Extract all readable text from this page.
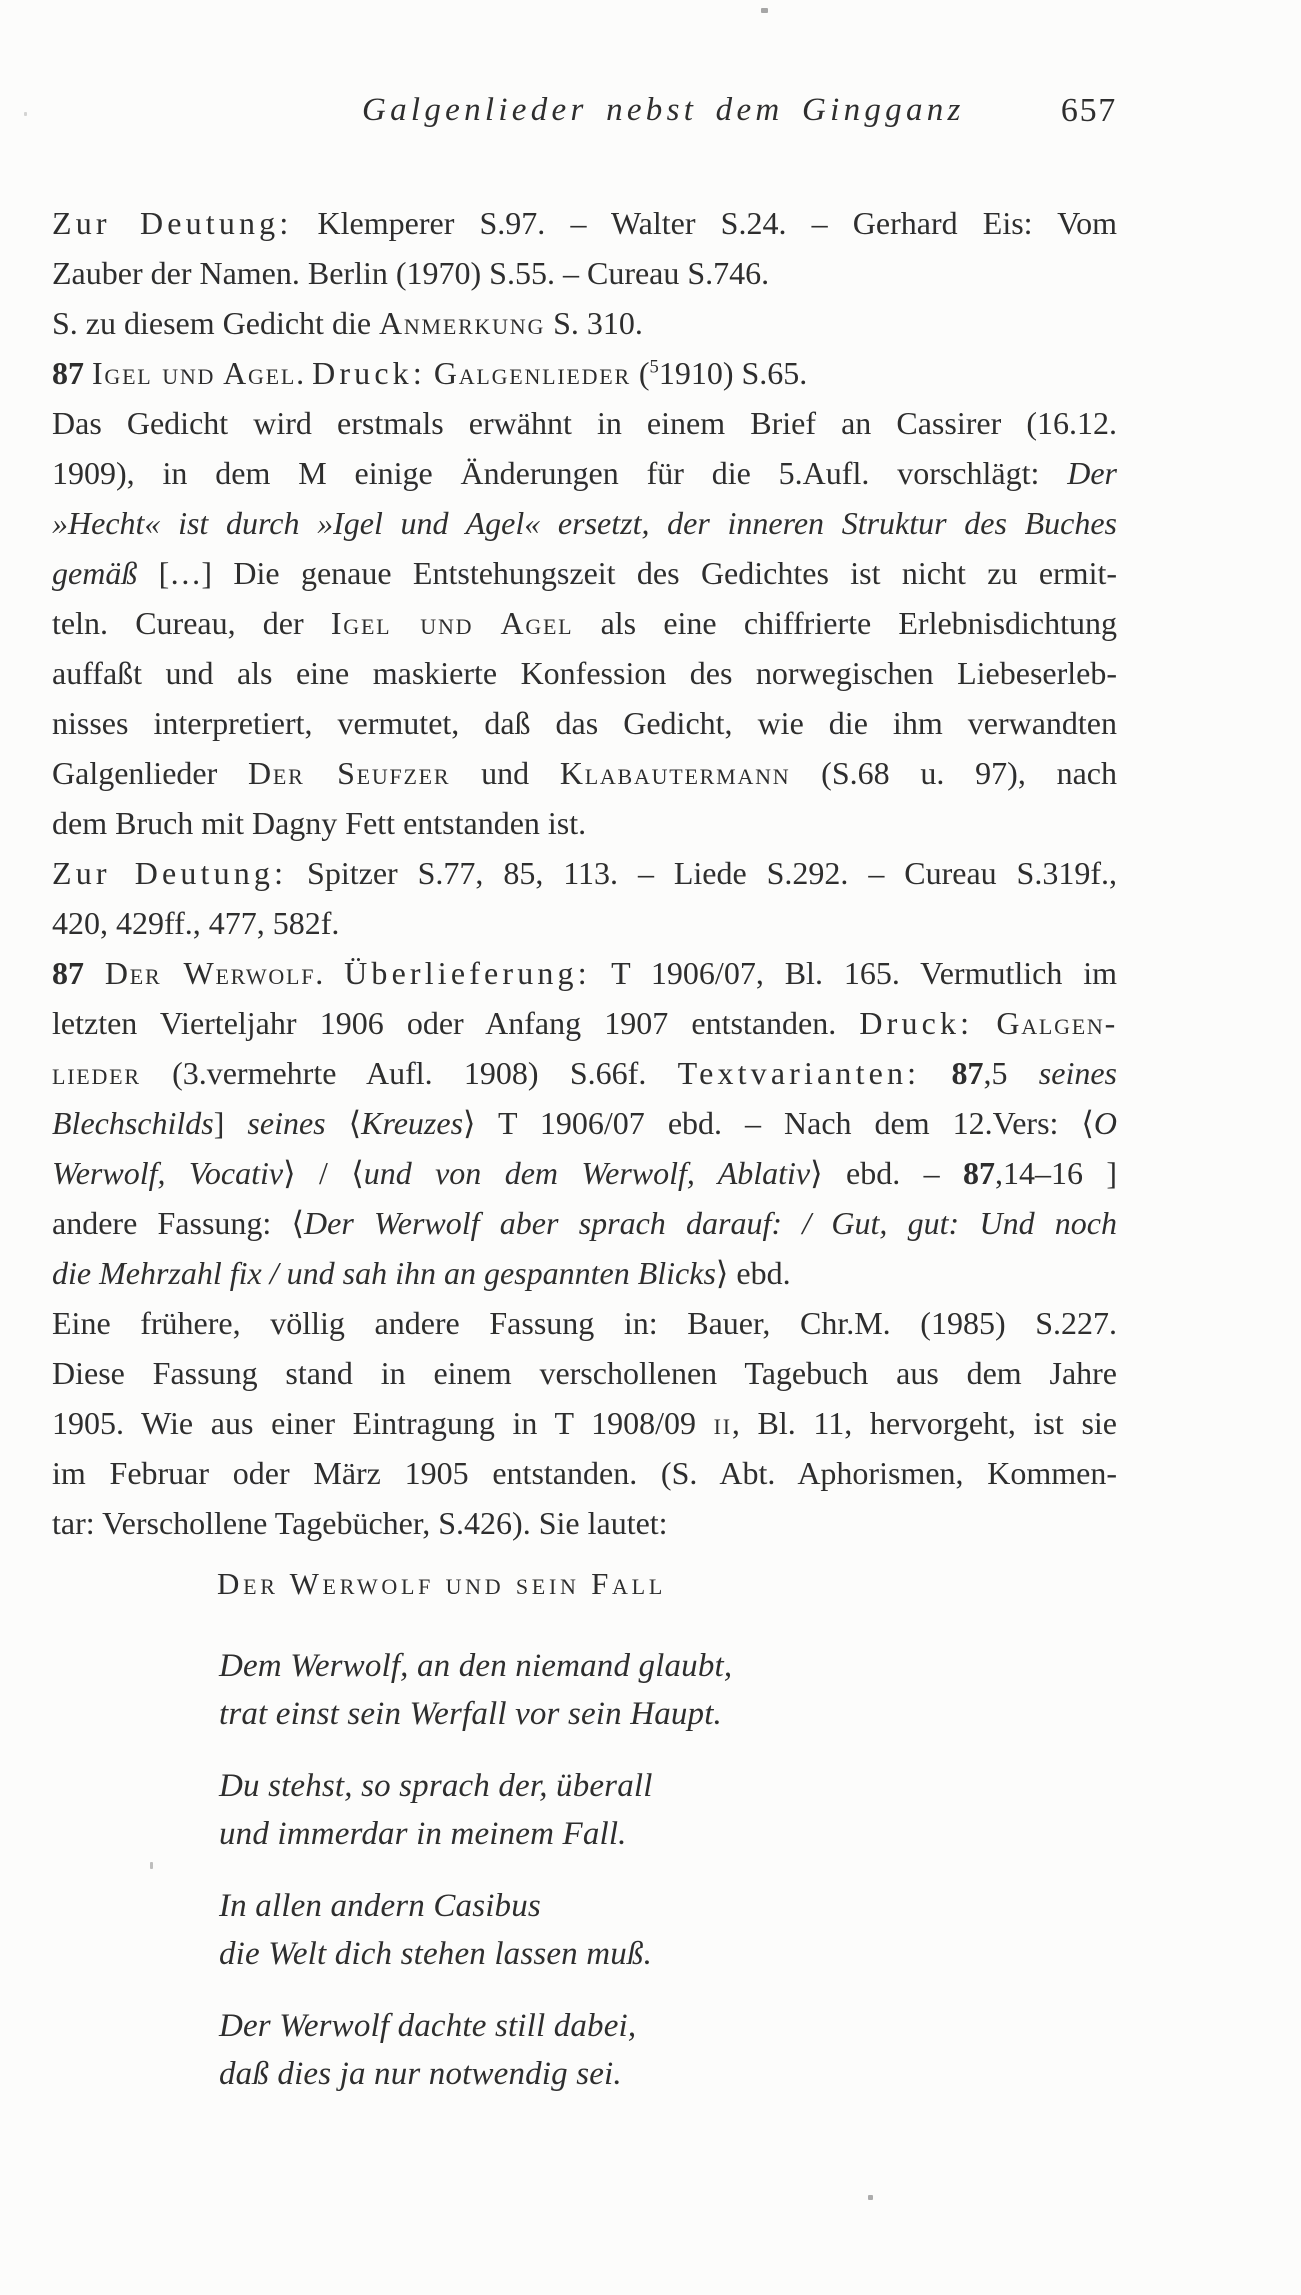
Galgenlieder nebst dem Gingganz	657
Zur Deutung: Klemperer S.97. – Walter S.24. – Gerhard Eis: Vom
Zauber der Namen. Berlin (1970) S.55. – Cureau S.746.
S. zu diesem Gedicht die Anmerkung S. 310.
87 Igel und Agel. Druck: Galgenlieder ($^5$1910) S.65.
Das Gedicht wird erstmals erwähnt in einem Brief an Cassirer (16.12.
1909), in dem M einige Änderungen für die 5.Aufl. vorschlägt: Der
»Hecht« ist durch »Igel und Agel« ersetzt, der inneren Struktur des Buches
gemäß […] Die genaue Entstehungszeit des Gedichtes ist nicht zu ermit-
teln. Cureau, der Igel und Agel als eine chiffrierte Erlebnisdichtung
auffaßt und als eine maskierte Konfession des norwegischen Liebeserleb-
nisses interpretiert, vermutet, daß das Gedicht, wie die ihm verwandten
Galgenlieder Der Seufzer und Klabautermann (S.68 u. 97), nach
dem Bruch mit Dagny Fett entstanden ist.
Zur Deutung: Spitzer S.77, 85, 113. – Liede S.292. – Cureau S.319f.,
420, 429ff., 477, 582f.
87 Der Werwolf. Überlieferung: T 1906/07, Bl. 165. Vermutlich im
letzten Vierteljahr 1906 oder Anfang 1907 entstanden. Druck: Galgen-
lieder (3.vermehrte Aufl. 1908) S.66f. Textvarianten: 87,5 seines
Blechschilds] seines ⟨Kreuzes⟩ T 1906/07 ebd. – Nach dem 12.Vers: ⟨O
Werwolf, Vocativ⟩ / ⟨und von dem Werwolf, Ablativ⟩ ebd. – 87,14–16 ]
andere Fassung: ⟨Der Werwolf aber sprach darauf: / Gut, gut: Und noch
die Mehrzahl fix / und sah ihn an gespannten Blicks⟩ ebd.
Eine frühere, völlig andere Fassung in: Bauer, Chr.M. (1985) S.227.
Diese Fassung stand in einem verschollenen Tagebuch aus dem Jahre
1905. Wie aus einer Eintragung in T 1908/09 ii, Bl. 11, hervorgeht, ist sie
im Februar oder März 1905 entstanden. (S. Abt. Aphorismen, Kommen-
tar: Verschollene Tagebücher, S.426). Sie lautet:
Der Werwolf und sein Fall
Dem Werwolf, an den niemand glaubt,
trat einst sein Werfall vor sein Haupt.
Du stehst, so sprach der, überall
und immerdar in meinem Fall.
In allen andern Casibus
die Welt dich stehen lassen muß.
Der Werwolf dachte still dabei,
daß dies ja nur notwendig sei.
